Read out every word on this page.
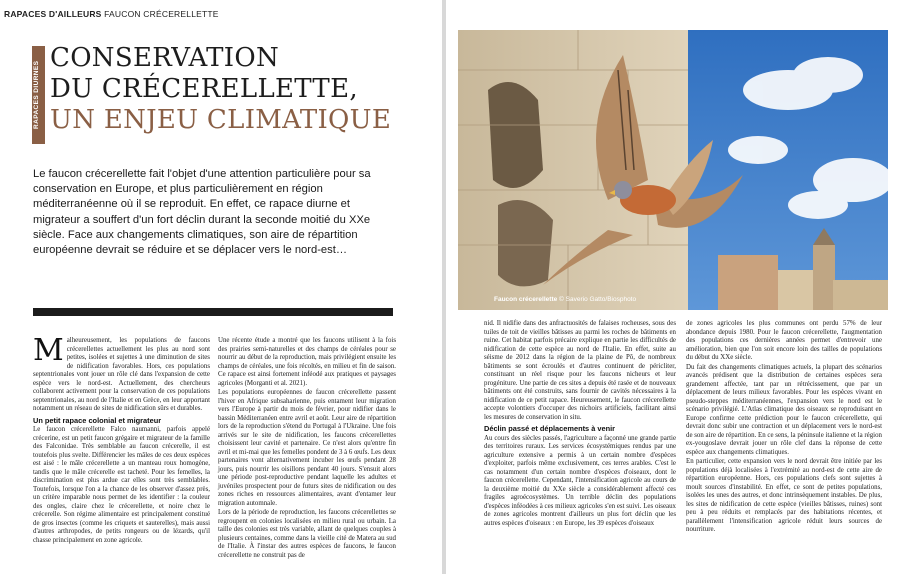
RAPACES D'AILLEURS FAUCON CRÉCERELLETTE
RAPACES DIURNES
CONSERVATION
DU CRÉCERELLETTE,
UN ENJEU CLIMATIQUE

Le faucon crécerellette fait l'objet d'une attention particulière pour sa conservation en Europe, et plus particulièrement en région méditerranéenne où il se reproduit. En effet, ce rapace diurne et migrateur a souffert d'un fort déclin durant la seconde moitié du XXe siècle. Face aux changements climatiques, son aire de répartition européenne devrait se réduire et se déplacer vers le nord-est…

Malheureusement, les populations de faucons crécerellettes actuellement les plus au nord sont petites, isolées et sujettes à une diminution de sites de nidification favorables. Hors, ces populations septentrionales vont jouer un rôle clé dans l'expansion de cette espèce vers le nord-est. Actuellement, des chercheurs collaborent activement pour la conservation de ces populations septentrionales, au nord de l'Italie et en Grèce, en leur apportant notamment un réseau de sites de nidification sûrs et durables.

Un petit rapace colonial et migrateur

Le faucon crécerellette Falco naumanni, parfois appelé crécerine, est un petit faucon grégaire et migrateur de la famille des Falconidae. Très semblable au faucon crécerelle, il est toutefois plus svelte. Différencier les mâles de ces deux espèces est aisé : le mâle crécerellette a un manteau roux homogène, tandis que le mâle crécerelle est tacheté. Pour les femelles, la discrimination est plus ardue car elles sont très semblables. Toutefois, lorsque l'on a la chance de les observer d'assez près, un critère imparable nous permet de les identifier : la couleur des ongles, claire chez le crécerellette, et noire chez le crécerelle. Son régime alimentaire est principalement constitué de gros insectes (comme les criquets et sauterelles), mais aussi d'autres arthropodes, de petits rongeurs ou de lézards, qu'il chasse principalement en zone agricole.

Une récente étude a montré que les faucons utilisent à la fois des prairies semi-naturelles et des champs de céréales pour se nourrir au début de la reproduction, mais privilégient ensuite les champs de céréales, une fois récoltés, en milieu et fin de saison. Ce rapace est ainsi fortement inféodé aux pratiques et paysages agricoles (Morganti et al. 2021).

Les populations européennes de faucon crécerellette passent l'hiver en Afrique subsaharienne, puis entament leur migration vers l'Europe à partir du mois de février, pour nidifier dans le bassin Méditerranéen entre avril et août. Leur aire de répartition lors de la reproduction s'étend du Portugal à l'Ukraine. Une fois arrivés sur le site de nidification, les faucons crécerellettes choisissent leur cavité et partenaire. Ce n'est alors qu'entre fin avril et mi-mai que les femelles pondent de 3 à 6 œufs. Les deux partenaires vont alternativement incuber les œufs pendant 28 jours, puis nourrir les oisillons pendant 40 jours. S'ensuit alors une période post-reproductive pendant laquelle les adultes et juvéniles prospectent pour de futurs sites de nidification ou des zones riches en ressources alimentaires, avant d'entamer leur migration automnale.

Lors de la période de reproduction, les faucons crécerellettes se regroupent en colonies localisées en milieu rural ou urbain. La taille des colonies est très variable, allant de quelques couples à plusieurs centaines, comme dans la vieille cité de Matera au sud de l'Italie. À l'instar des autres espèces de faucons, le faucon crécerellette ne construit pas de

Faucon crécerellette © Saverio Gatto/Biosphoto

nid. Il nidifie dans des anfractuosités de falaises rocheuses, sous des tuiles de toit de vieilles bâtisses au parmi les roches de bâtiments en ruine. Cet habitat parfois précaire explique en partie les difficultés de nidification de cette espèce au nord de l'Italie. En effet, suite au séisme de 2012 dans la région de la plaine de Pô, de nombreux bâtiments se sont écroulés et d'autres continuent de péricliter, constituant un réel risque pour les faucons nicheurs et leur progéniture. Une partie de ces sites a depuis été rasée et de nouveaux bâtiments ont été construits, sans fournir de cavités nécessaires à la nidification de ce petit rapace. Heureusement, le faucon crécerellette accepte volontiers d'occuper des nichoirs artificiels, facilitant ainsi les mesures de conservation in situ.

Déclin passé et déplacements à venir

Au cours des siècles passés, l'agriculture a façonné une grande partie des territoires ruraux. Les services écosystémiques rendus par une agriculture extensive a permis à un certain nombre d'espèces d'exploiter, parfois même exclusivement, ces terres arables. C'est le cas notamment d'un certain nombre d'espèces d'oiseaux, dont le faucon crécerellette. Cependant, l'intensification agricole au cours de la deuxième moitié du XXe siècle a considérablement affecté ces fragiles agroécosystèmes. Un terrible déclin des populations d'espèces inféodées à ces milieux agricoles s'en est suivi. Les oiseaux de zones agricoles montrent d'ailleurs un plus fort déclin que les autres espèces d'oiseaux : en Europe, les 39 espèces d'oiseaux

de zones agricoles les plus communes ont perdu 57% de leur abondance depuis 1980. Pour le faucon crécerellette, l'augmentation des populations ces dernières années permet d'entrevoir une amélioration, bien que l'on soit encore loin des tailles de populations du début du XXe siècle.

Du fait des changements climatiques actuels, la plupart des scénarios avancés prédisent que la distribution de certaines espèces sera grandement affectée, tant par un rétrécissement, que par un déplacement de leurs milieux favorables. Pour les espèces vivant en pseudo-steppes méditerranéennes, l'expansion vers le nord est le scénario privilégié. L'Atlas climatique des oiseaux se reproduisant en Europe confirme cette prédiction pour le faucon crécerellette, qui devrait donc subir une contraction et un déplacement vers le nord-est de son aire de répartition. En ce sens, la péninsule italienne et la région ex-yougoslave devrait jouer un rôle clef dans la réponse de cette espèce aux changements climatiques.

En particulier, cette expansion vers le nord devrait être initiée par les populations déjà localisées à l'extrémité au nord-est de cette aire de répartition européenne. Hors, ces populations clefs sont sujettes à moult sources d'instabilité. En effet, ce sont de petites populations, isolées les unes des autres, et donc intrinsèquement instables. De plus, les sites de nidification de cette espèce (vieilles bâtisses, ruines) sont peu à peu réduits et remplacés par des habitations récentes, et parallèlement l'intensification agricole réduit leurs sources de nourriture.
